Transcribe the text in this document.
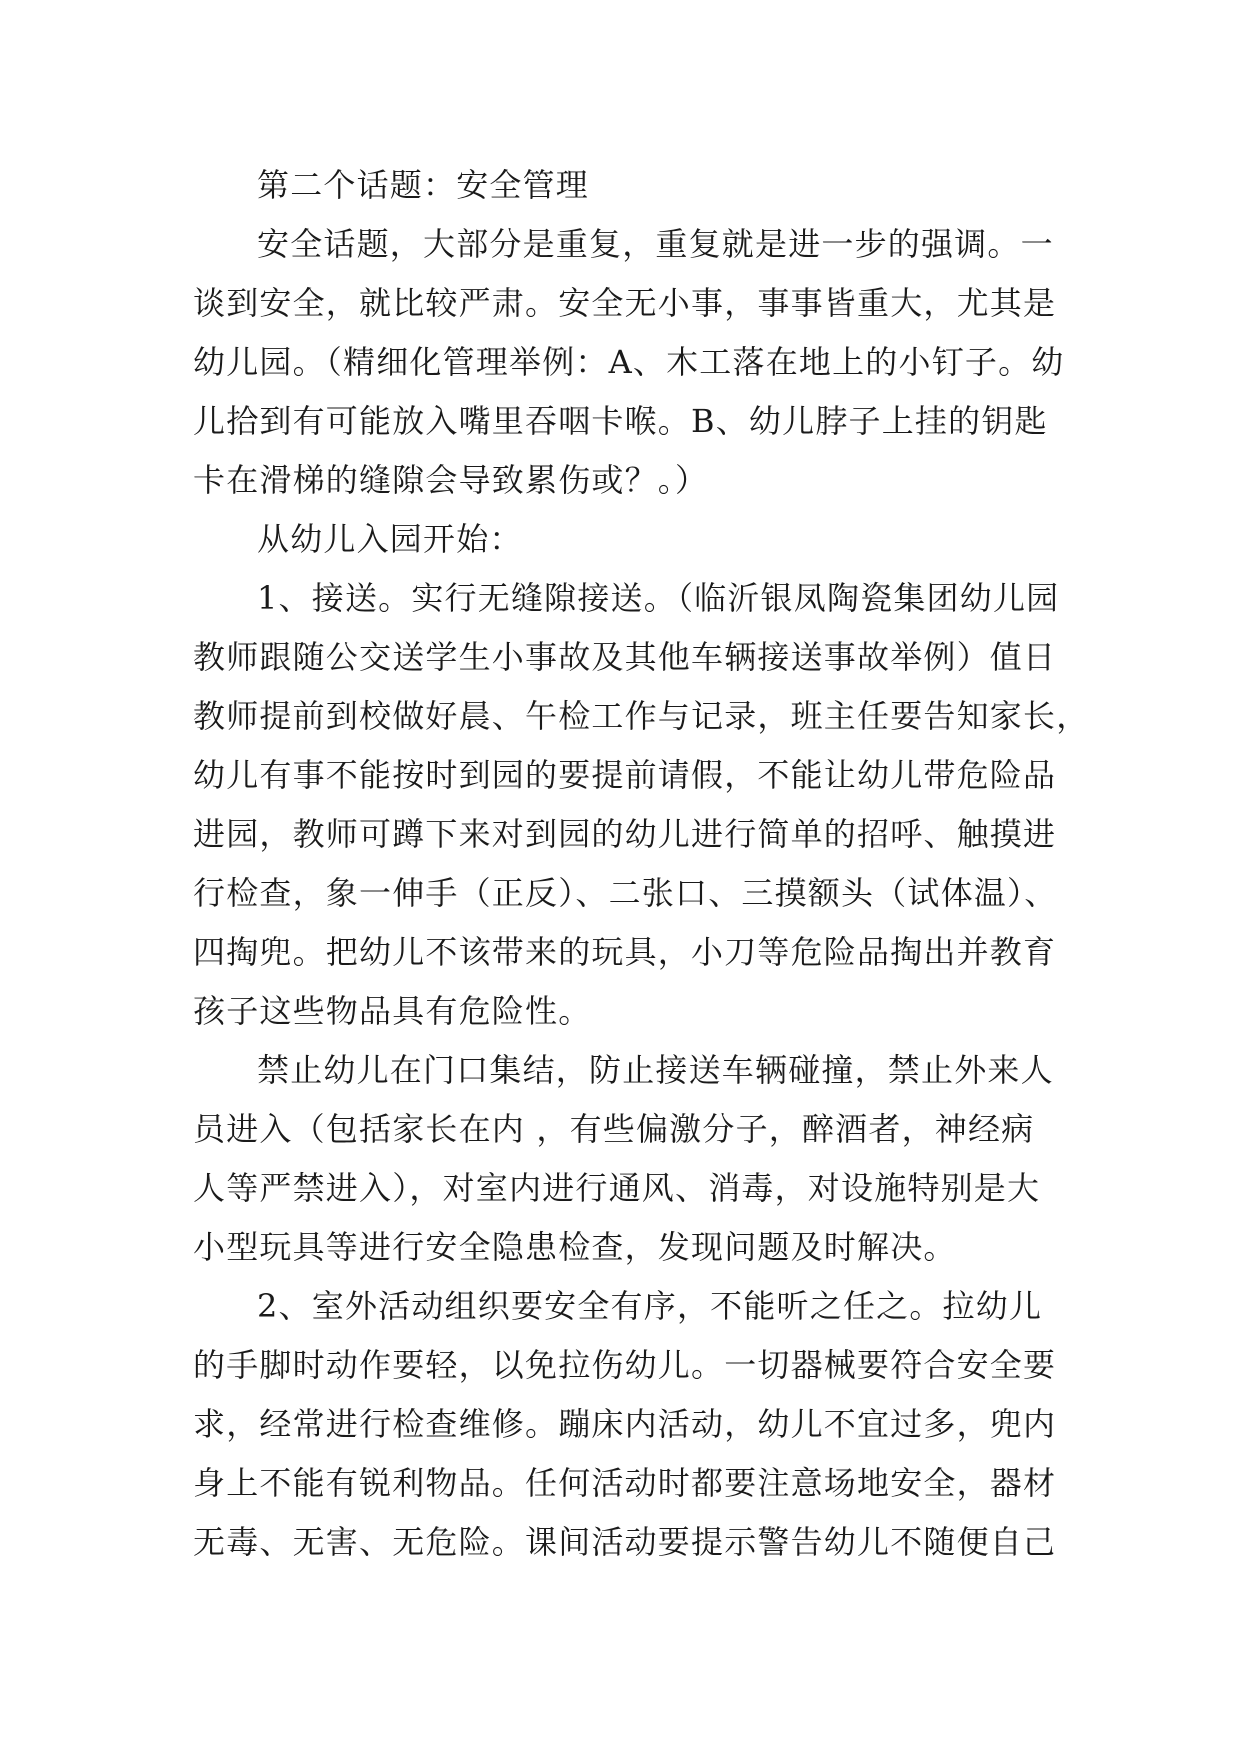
第二个话题：安全管理
安全话题，大部分是重复，重复就是进一步的强调。一
谈到安全，就比较严肃。安全无小事，事事皆重大，尤其是
幼儿园。（精细化管理举例：A、木工落在地上的小钉子。幼
儿拾到有可能放入嘴里吞咽卡喉。B、幼儿脖子上挂的钥匙
卡在滑梯的缝隙会导致累伤或？。）
从幼儿入园开始：
1、接送。实行无缝隙接送。（临沂银凤陶瓷集团幼儿园
教师跟随公交送学生小事故及其他车辆接送事故举例）值日
教师提前到校做好晨、午检工作与记录，班主任要告知家长，
幼儿有事不能按时到园的要提前请假，不能让幼儿带危险品
进园，教师可蹲下来对到园的幼儿进行简单的招呼、触摸进
行检查，象一伸手（正反）、二张口、三摸额头（试体温）、
四掏兜。把幼儿不该带来的玩具，小刀等危险品掏出并教育
孩子这些物品具有危险性。
禁止幼儿在门口集结，防止接送车辆碰撞，禁止外来人
员进入（包括家长在内 ，有些偏激分子，醉酒者，神经病
人等严禁进入），对室内进行通风、消毒，对设施特别是大
小型玩具等进行安全隐患检查，发现问题及时解决。
2、室外活动组织要安全有序，不能听之任之。拉幼儿
的手脚时动作要轻，以免拉伤幼儿。一切器械要符合安全要
求，经常进行检查维修。蹦床内活动，幼儿不宜过多，兜内
身上不能有锐利物品。任何活动时都要注意场地安全，器材
无毒、无害、无危险。课间活动要提示警告幼儿不随便自己
